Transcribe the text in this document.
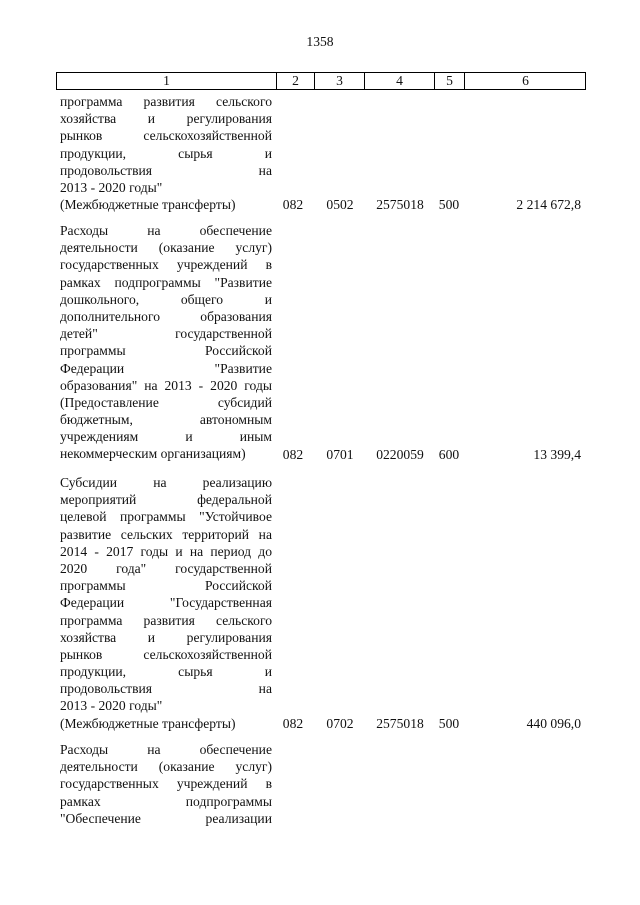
1358
1	2	3	4	5	6
программа развития сельского
хозяйства и регулирования
рынков сельскохозяйственной
продукции, сырья и
продовольствия на
2013 - 2020 годы"
(Межбюджетные трансферты)	082	0502	2575018	500	2 214 672,8
Расходы на обеспечение
деятельности (оказание услуг)
государственных учреждений в
рамках подпрограммы "Развитие
дошкольного, общего и
дополнительного образования
детей" государственной
программы Российской
Федерации "Развитие
образования" на 2013 - 2020 годы
(Предоставление субсидий
бюджетным, автономным
учреждениям и иным
некоммерческим организациям)	082	0701	0220059	600	13 399,4
Субсидии на реализацию
мероприятий федеральной
целевой программы "Устойчивое
развитие сельских территорий на
2014 - 2017 годы и на период до
2020 года" государственной
программы Российской
Федерации "Государственная
программа развития сельского
хозяйства и регулирования
рынков сельскохозяйственной
продукции, сырья и
продовольствия на
2013 - 2020 годы"
(Межбюджетные трансферты)	082	0702	2575018	500	440 096,0
Расходы на обеспечение
деятельности (оказание услуг)
государственных учреждений в
рамках подпрограммы
"Обеспечение реализации
